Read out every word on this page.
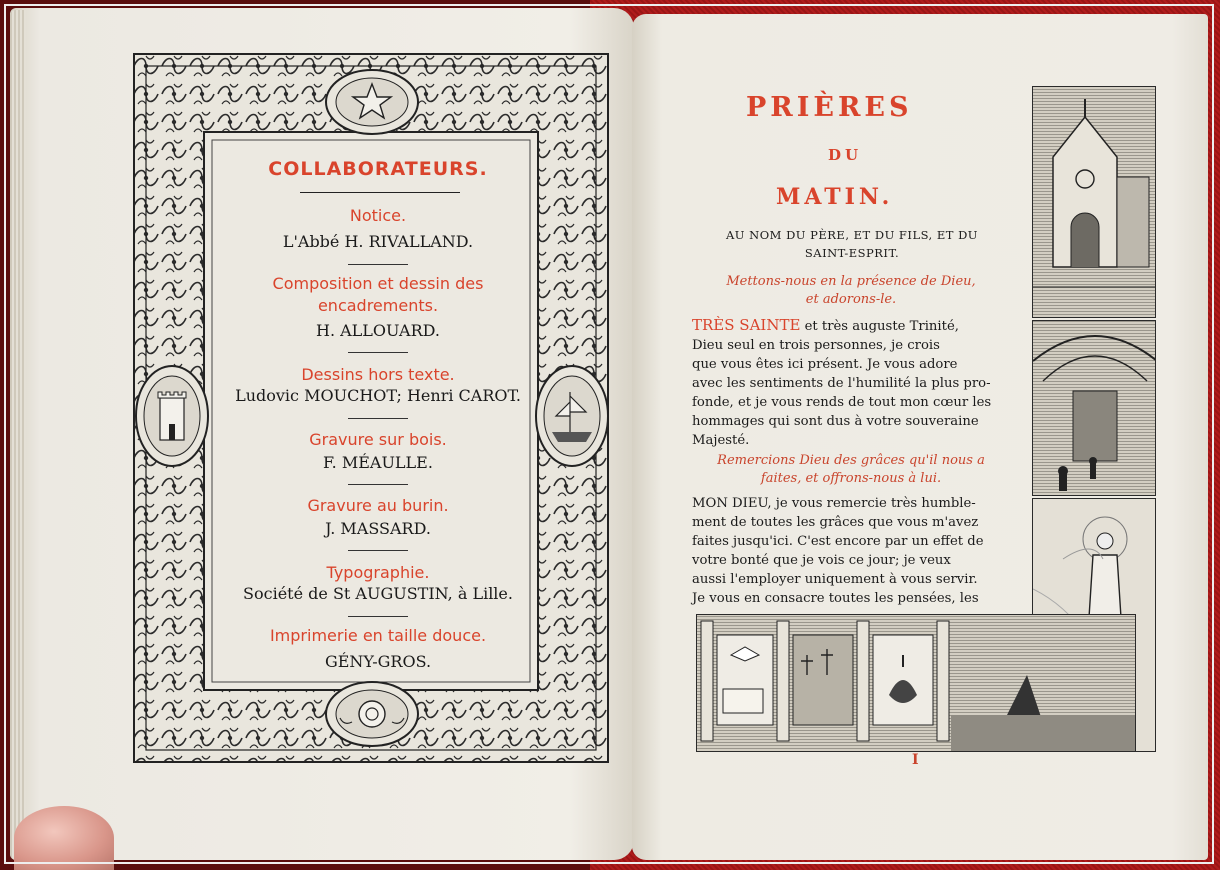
COLLABORATEURS.
Notice.
L'Abbé H. RIVALLAND.
Composition et dessin des
encadrements.
H. ALLOUARD.
Dessins hors texte.
Ludovic MOUCHOT; Henri CAROT.
Gravure sur bois.
F. MÉAULLE.
Gravure au burin.
J. MASSARD.
Typographie.
Société de St AUGUSTIN, à Lille.
Imprimerie en taille douce.
GÉNY-GROS.
PRIÈRES
DU
MATIN.
AU NOM DU PÈRE, ET DU FILS, ET DU
SAINT-ESPRIT.
Mettons-nous en la présence de Dieu,
et adorons-le.
TRÈS SAINTE et très auguste Trinité,
Dieu seul en trois personnes, je crois
que vous êtes ici présent. Je vous adore
avec les sentiments de l'humilité la plus pro-
fonde, et je vous rends de tout mon cœur les
hommages qui sont dus à votre souveraine
Majesté.
Remercions Dieu des grâces qu'il nous a
faites, et offrons-nous à lui.
MON DIEU, je vous remercie très humble-
ment de toutes les grâces que vous m'avez
faites jusqu'ici. C'est encore par un effet de
votre bonté que je vois ce jour; je veux
aussi l'employer uniquement à vous servir.
Je vous en consacre toutes les pensées, les
I
